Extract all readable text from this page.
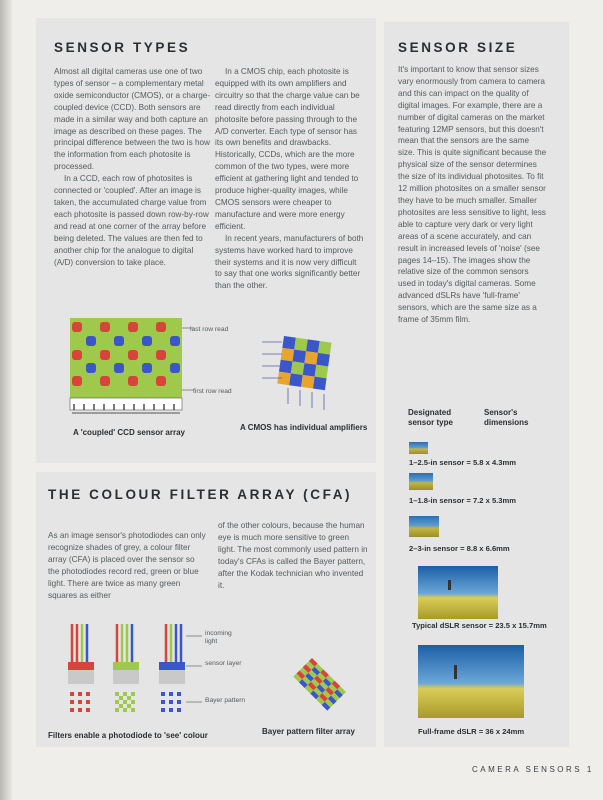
SENSOR TYPES

Almost all digital cameras use one of two types of sensor – a complementary metal oxide semiconductor (CMOS), or a charge-coupled device (CCD). Both sensors are made in a similar way and both capture an image as described on these pages. The principal difference between the two is how the information from each photosite is processed.

In a CCD, each row of photosites is connected or 'coupled'. After an image is taken, the accumulated charge value from each photosite is passed down row-by-row and read at one corner of the array before being deleted. The values are then fed to another chip for the analogue to digital (A/D) conversion to take place.

In a CMOS chip, each photosite is equipped with its own amplifiers and circuitry so that the charge value can be read directly from each individual photosite before passing through to the A/D converter. Each type of sensor has its own benefits and drawbacks. Historically, CCDs, which are the more common of the two types, were more efficient at gathering light and tended to produce higher-quality images, while CMOS sensors were cheaper to manufacture and were more energy efficient.

In recent years, manufacturers of both systems have worked hard to improve their systems and it is now very difficult to say that one works significantly better than the other.

last row read
first row read
A 'coupled' CCD sensor array
A CMOS has individual amplifiers
THE COLOUR FILTER ARRAY (CFA)
As an image sensor's photodiodes can only recognize shades of grey, a colour filter array (CFA) is placed over the sensor so the photodiodes record red, green or blue light. There are twice as many green squares as either
of the other colours, because the human eye is much more sensitive to green light. The most commonly used pattern in today's CFAs is called the Bayer pattern, after the Kodak technician who invented it.
incoming light
sensor layer
Bayer pattern
Filters enable a photodiode to 'see' colour	Bayer pattern filter array
SENSOR SIZE
It's important to know that sensor sizes vary enormously from camera to camera and this can impact on the quality of digital images. For example, there are a number of digital cameras on the market featuring 12MP sensors, but this doesn't mean that the sensors are the same size. This is quite significant because the physical size of the sensor determines the size of its individual photosites. To fit 12 million photosites on a smaller sensor they have to be much smaller. Smaller photosites are less sensitive to light, less able to capture very dark or very light areas of a scene accurately, and can result in increased levels of 'noise' (see pages 14–15). The images show the relative size of the common sensors used in today's digital cameras. Some advanced dSLRs have 'full-frame' sensors, which are the same size as a frame of 35mm film.
Designated sensor type
Sensor's dimensions
1–2.5-in sensor = 5.8 x 4.3mm
1–1.8-in sensor = 7.2 x 5.3mm
2–3-in sensor = 8.8 x 6.6mm
Typical dSLR sensor = 23.5 x 15.7mm
Full-frame dSLR = 36 x 24mm
CAMERA SENSORS 1
